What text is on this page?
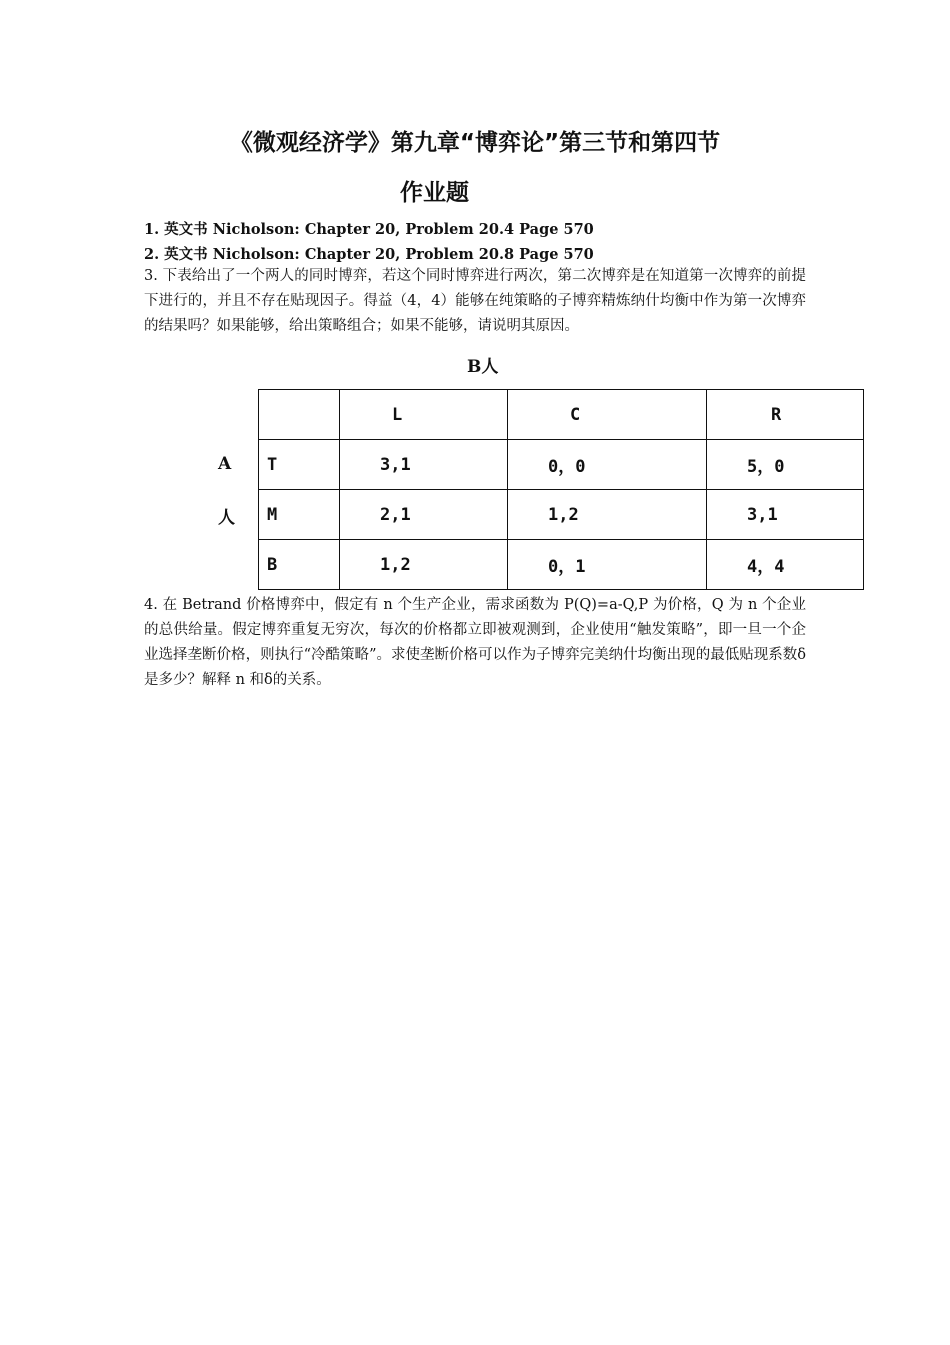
《微观经济学》第九章“博弈论”第三节和第四节
作业题
1. 英文书 Nicholson: Chapter 20, Problem 20.4 Page 570
2. 英文书 Nicholson: Chapter 20, Problem 20.8 Page 570
3. 下表给出了一个两人的同时博弈，若这个同时博弈进行两次，第二次博弈是在知道第一次博弈的前提下进行的，并且不存在贴现因子。得益（4，4）能够在纯策略的子博弈精炼纳什均衡中作为第一次博弈的结果吗？如果能够，给出策略组合；如果不能够，请说明其原因。
B人
A
人
	L	C	R
T	3,1	0，0	5，0
M	2,1	1,2	3,1
B	1,2	0，1	4，4
4. 在 Betrand 价格博弈中，假定有 n 个生产企业，需求函数为 P(Q)=a-Q,P 为价格，Q 为 n 个企业的总供给量。假定博弈重复无穷次，每次的价格都立即被观测到，企业使用“触发策略”，即一旦一个企业选择垄断价格，则执行“冷酷策略”。求使垄断价格可以作为子博弈完美纳什均衡出现的最低贴现系数δ是多少？解释 n 和δ的关系。
